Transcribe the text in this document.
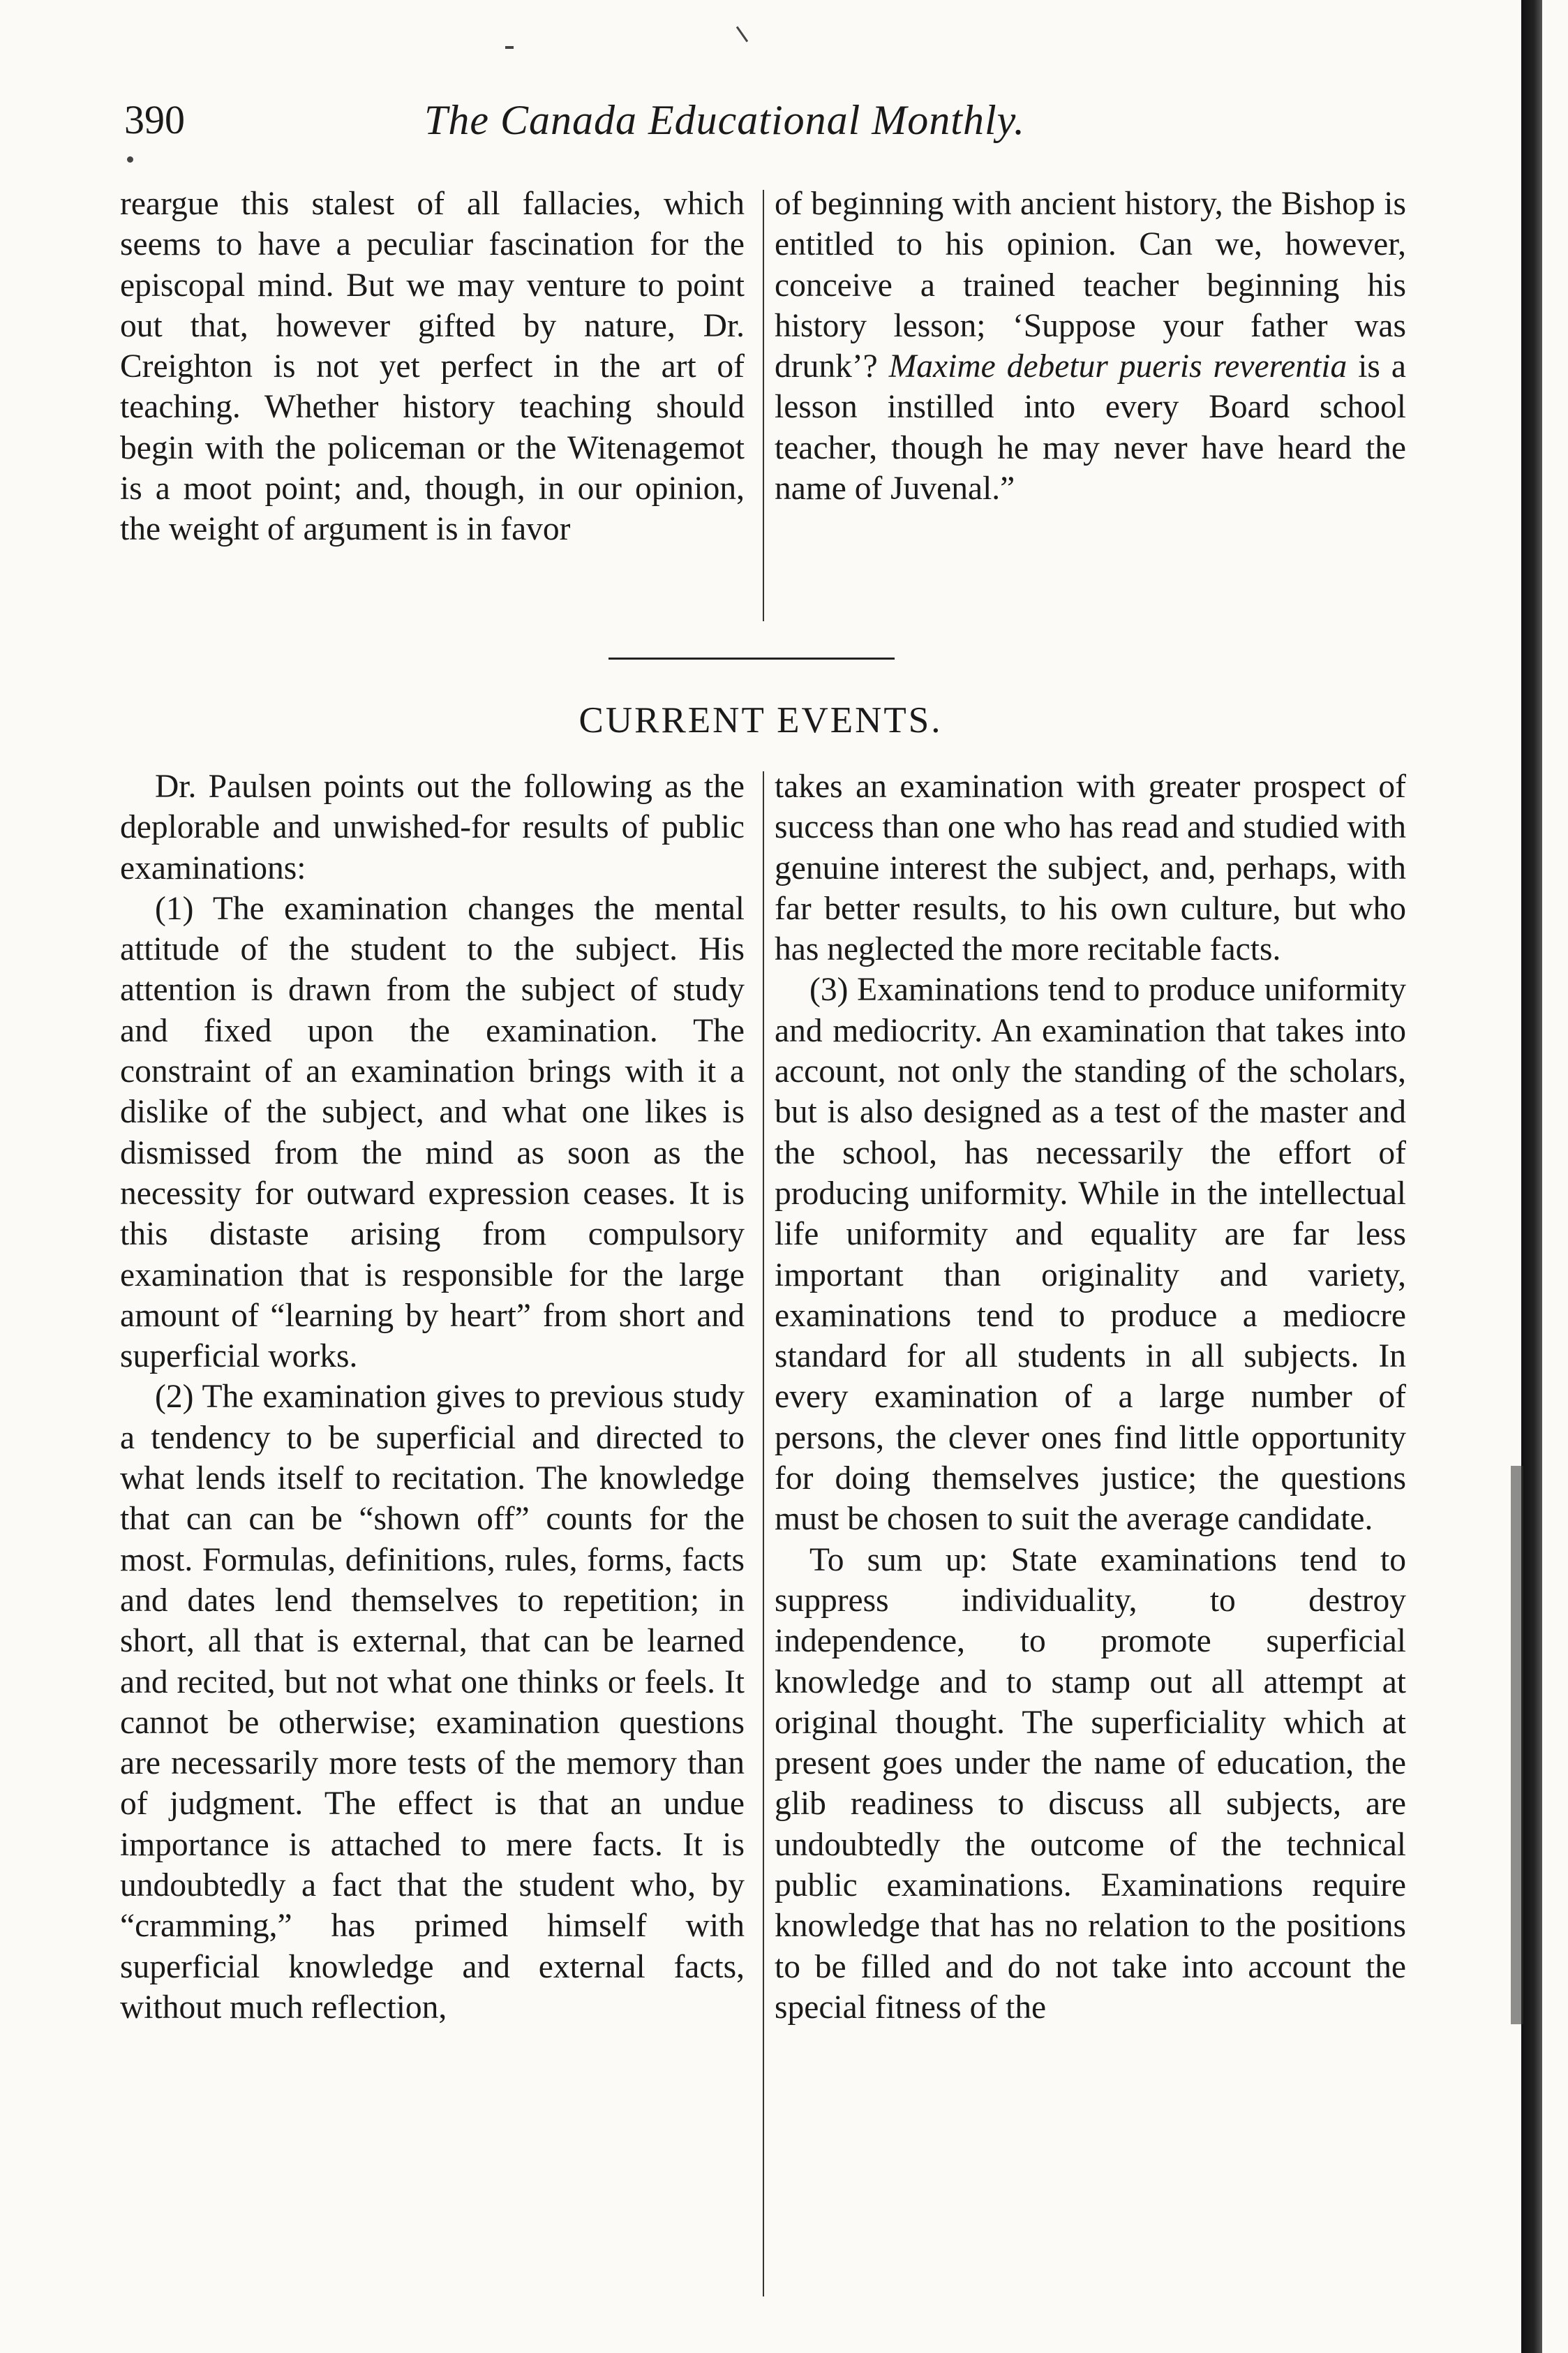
390	The Canada Educational Monthly.

reargue this stalest of all fallacies, which seems to have a peculiar fascination for the episcopal mind. But we may venture to point out that, however gifted by nature, Dr. Creighton is not yet perfect in the art of teaching. Whether history teaching should begin with the policeman or the Witenagemot is a moot point; and, though, in our opinion, the weight of argument is in favor

of beginning with ancient history, the Bishop is entitled to his opinion. Can we, however, conceive a trained teacher beginning his history lesson; ‘Suppose your father was drunk’? Maxime debetur pueris reverentia is a lesson instilled into every Board school teacher, though he may never have heard the name of Juvenal.”

CURRENT EVENTS.

Dr. Paulsen points out the following as the deplorable and unwished-for results of public examinations:

(1) The examination changes the mental attitude of the student to the subject. His attention is drawn from the subject of study and fixed upon the examination. The constraint of an examination brings with it a dislike of the subject, and what one likes is dismissed from the mind as soon as the necessity for outward expression ceases. It is this distaste arising from compulsory examination that is responsible for the large amount of “learning by heart” from short and superficial works.

(2) The examination gives to previous study a tendency to be superficial and directed to what lends itself to recitation. The knowledge that can can be “shown off” counts for the most. Formulas, definitions, rules, forms, facts and dates lend themselves to repetition; in short, all that is external, that can be learned and recited, but not what one thinks or feels. It cannot be otherwise; examination questions are necessarily more tests of the memory than of judgment. The effect is that an undue importance is attached to mere facts. It is undoubtedly a fact that the student who, by “cramming,” has primed himself with superficial knowledge and external facts, without much reflection,

takes an examination with greater prospect of success than one who has read and studied with genuine interest the subject, and, perhaps, with far better results, to his own culture, but who has neglected the more recitable facts.

(3) Examinations tend to produce uniformity and mediocrity. An examination that takes into account, not only the standing of the scholars, but is also designed as a test of the master and the school, has necessarily the effort of producing uniformity. While in the intellectual life uniformity and equality are far less important than originality and variety, examinations tend to produce a mediocre standard for all students in all subjects. In every examination of a large number of persons, the clever ones find little opportunity for doing themselves justice; the questions must be chosen to suit the average candidate.

To sum up: State examinations tend to suppress individuality, to destroy independence, to promote superficial knowledge and to stamp out all attempt at original thought. The superficiality which at present goes under the name of education, the glib readiness to discuss all subjects, are undoubtedly the outcome of the technical public examinations. Examinations require knowledge that has no relation to the positions to be filled and do not take into account the special fitness of the
